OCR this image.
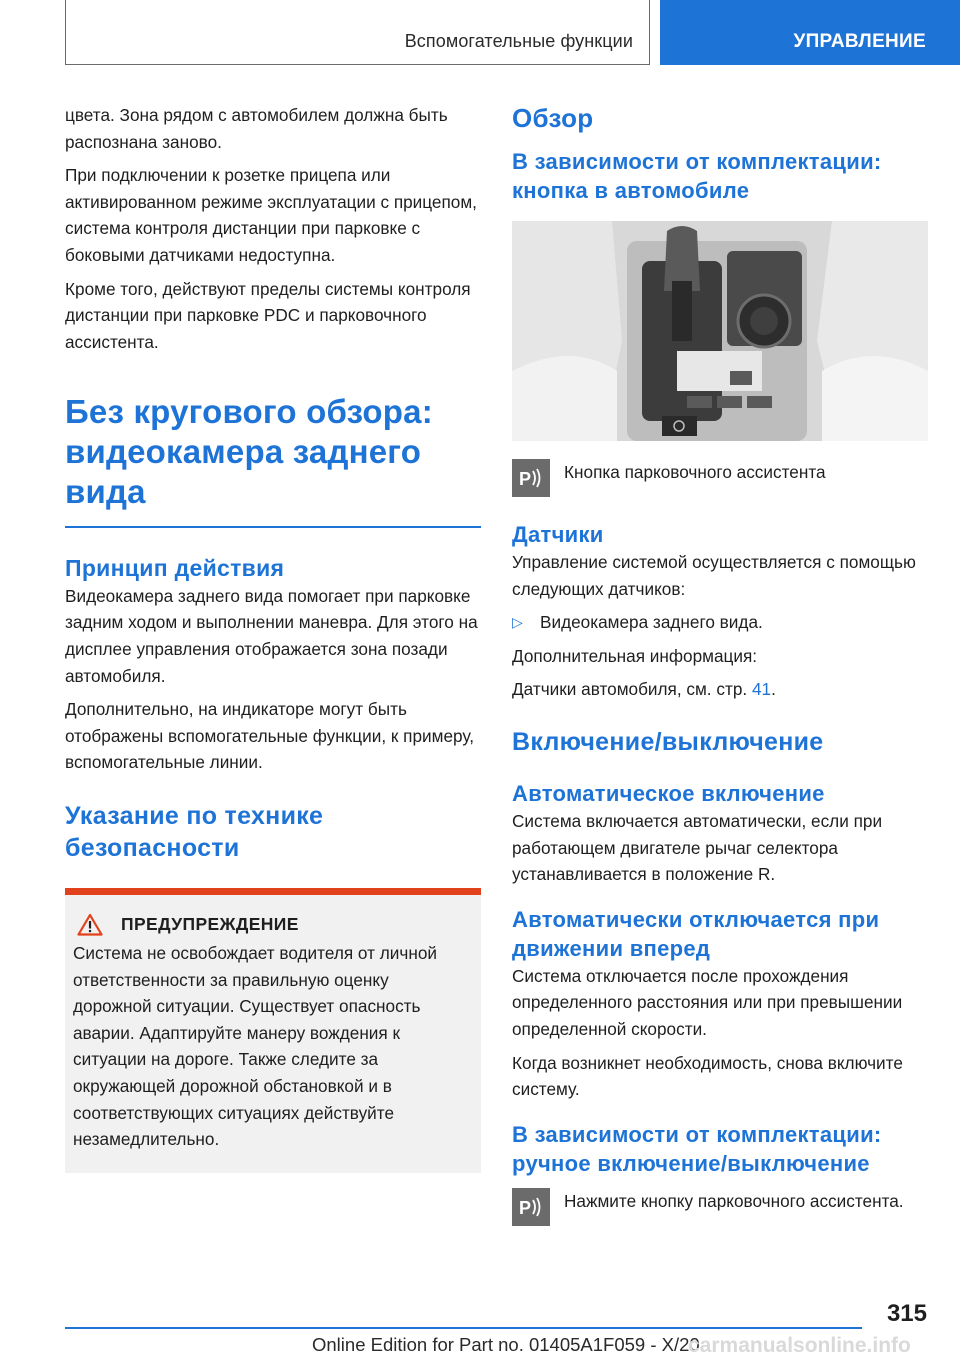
Вспомогательные функции	УПРАВЛЕНИЕ

цвета. Зона рядом с автомобилем должна быть распознана заново.

При подключении к розетке прицепа или активированном режиме эксплуатации с прицепом, система контроля дистанции при парковке с боковыми датчиками недоступна.

Кроме того, действуют пределы системы контроля дистанции при парковке PDC и парковочного ассистента.

Без кругового обзора: видеокамера заднего вида
Принцип действия

Видеокамера заднего вида помогает при парковке задним ходом и выполнении маневра. Для этого на дисплее управления отображается зона позади автомобиля.

Дополнительно, на индикаторе могут быть отображены вспомогательные функции, к примеру, вспомогательные линии.

Указание по технике безопасности
ПРЕДУПРЕЖДЕНИЕ

Система не освобождает водителя от личной ответственности за правильную оценку дорожной ситуации. Существует опасность аварии. Адаптируйте манеру вождения к ситуации на дороге. Также следите за окружающей дорожной обстановкой и в соответствующих ситуациях действуйте незамедлительно.

Обзор
В зависимости от комплектации: кнопка в автомобиле
P Кнопка парковочного ассистента

Датчики

Управление системой осуществляется с помощью следующих датчиков:

▷	Видеокамера заднего вида.

Дополнительная информация:

Датчики автомобиля, см. стр. 41.

Включение/выключение
Автоматическое включение

Система включается автоматически, если при работающем двигателе рычаг селектора устанавливается в положение R.

Автоматически отключается при движении вперед

Система отключается после прохождения определенного расстояния или при превышении определенной скорости.

Когда возникнет необходимость, снова включите систему.

В зависимости от комплектации: ручное включение/выключение
P Нажмите кнопку парковочного ассистента.

315
Online Edition for Part no. 01405A1F059 - X/20
carmanualsonline.info
